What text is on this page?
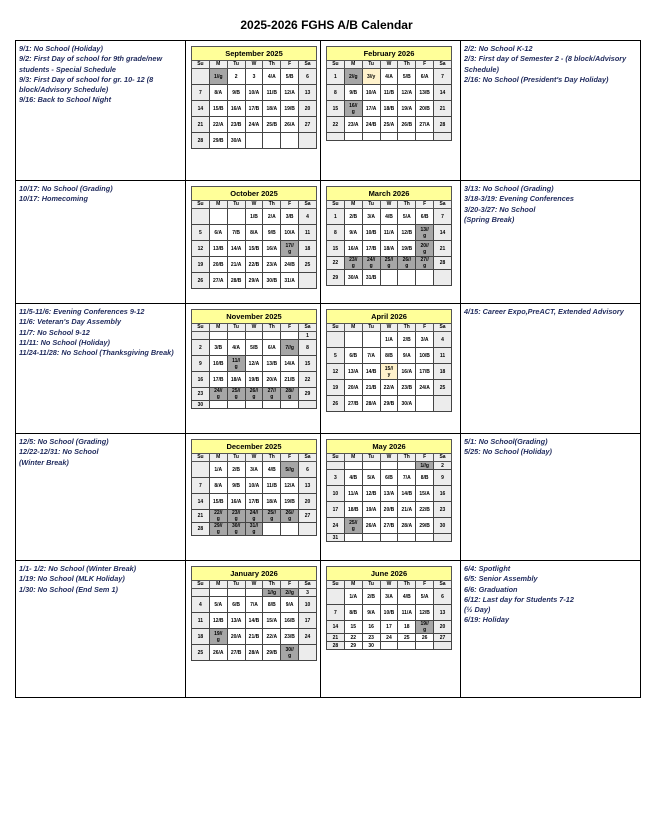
2025-2026 FGHS A/B Calendar
9/1: No School (Holiday)
9/2: First Day of school for 9th grade/new students - Special Schedule
9/3: First Day of school for gr. 10- 12 (8 block/Advisory Schedule)
9/16: Back to School Night

September 2025
Su	M	Tu	W	Th	F	Sa
	1//g	2	3	4/A	5/B	6
7	8/A	9/B	10/A	11/B	12/A	13
14	15/B	16/A	17/B	18/A	19/B	20
21	22/A	23/B	24/A	25/B	26/A	27
28	29/B	30/A				

February 2026
Su	M	Tu	W	Th	F	Sa
1	2//g	3//y	4/A	5/B	6/A	7
8	9/B	10/A	11/B	12/A	13/B	14
15	16//g	17/A	18/B	19/A	20/B	21
22	23/A	24/B	25/A	26/B	27/A	28

2/2: No School K-12
2/3: First day of Semester 2 - (8 block/Advisory Schedule)
2/16: No School (President's Day Holiday)

10/17: No School (Grading)
10/17: Homecoming

October 2025
Su	M	Tu	W	Th	F	Sa
			1/B	2/A	3/B	4
5	6/A	7/B	8/A	9/B	10/A	11
12	13/B	14/A	15/B	16/A	17//g	18
19	20/B	21/A	22/B	23/A	24/B	25
26	27/A	28/B	29/A	30/B	31/A	

March 2026
Su	M	Tu	W	Th	F	Sa
1	2/B	3/A	4/B	5/A	6/B	7
8	9/A	10/B	11/A	12/B	13//g	14
15	16/A	17/B	18/A	19/B	20//g	21
22	23//g	24//g	25//g	26//g	27//g	28
29	30/A	31/B				

3/13: No School (Grading)
3/18-3/19: Evening Conferences
3/20-3/27: No School
(Spring Break)

11/5-11/6: Evening Conferences 9-12
11/6: Veteran's Day Assembly
11/7: No School 9-12
11/11: No School (Holiday)
11/24-11/28: No School (Thanksgiving Break)

November 2025
Su	M	Tu	W	Th	F	Sa
						1
2	3/B	4/A	5/B	6/A	7//g	8
9	10/B	11//g	12/A	13/B	14/A	15
16	17/B	18/A	19/B	20/A	21/B	22
23	24//g	25//g	26//g	27//g	28//g	29
30						

April 2026
Su	M	Tu	W	Th	F	Sa
			1/A	2/B	3/A	4
5	6/B	7/A	8/B	9/A	10/B	11
12	13/A	14/B	15//y	16/A	17/B	18
19	20/A	21/B	22/A	23/B	24/A	25
26	27/B	28/A	29/B	30/A		

4/15: Career Expo,PreACT, Extended Advisory

12/5: No School (Grading)
12/22-12/31: No School
(Winter Break)

December 2025
Su	M	Tu	W	Th	F	Sa
	1/A	2/B	3/A	4/B	5//g	6
7	8/A	9/B	10/A	11/B	12/A	13
14	15/B	16/A	17/B	18/A	19/B	20
21	22//g	23//g	24//g	25//g	26//g	27
28	29//g	30//g	31//g			

May 2026
Su	M	Tu	W	Th	F	Sa
					1//g	2
3	4/B	5/A	6/B	7/A	8/B	9
10	11/A	12/B	13/A	14/B	15/A	16
17	18/B	19/A	20/B	21/A	22/B	23
24	25//g	26/A	27/B	28/A	29/B	30
31						

5/1: No School(Grading)
5/25: No School (Holiday)

1/1- 1/2: No School (Winter Break)
1/19: No School (MLK Holiday)
1/30: No School (End Sem 1)

January 2026
Su	M	Tu	W	Th	F	Sa
				1//g	2//g	3
4	5/A	6/B	7/A	8/B	9/A	10
11	12/B	13/A	14/B	15/A	16/B	17
18	19//g	20/A	21/B	22/A	23/B	24
25	26/A	27/B	28/A	29/B	30//g	

June 2026
Su	M	Tu	W	Th	F	Sa
	1/A	2/B	3/A	4/B	5/A	6
7	8/B	9/A	10/B	11/A	12/B	13
14	15	16	17	18	19//g	20
21	22	23	24	25	26	27
28	29	30				

6/4: Spotlight
6/5: Senior Assembly
6/6: Graduation
6/12: Last day for Students 7-12
(½ Day)
6/19: Holiday
